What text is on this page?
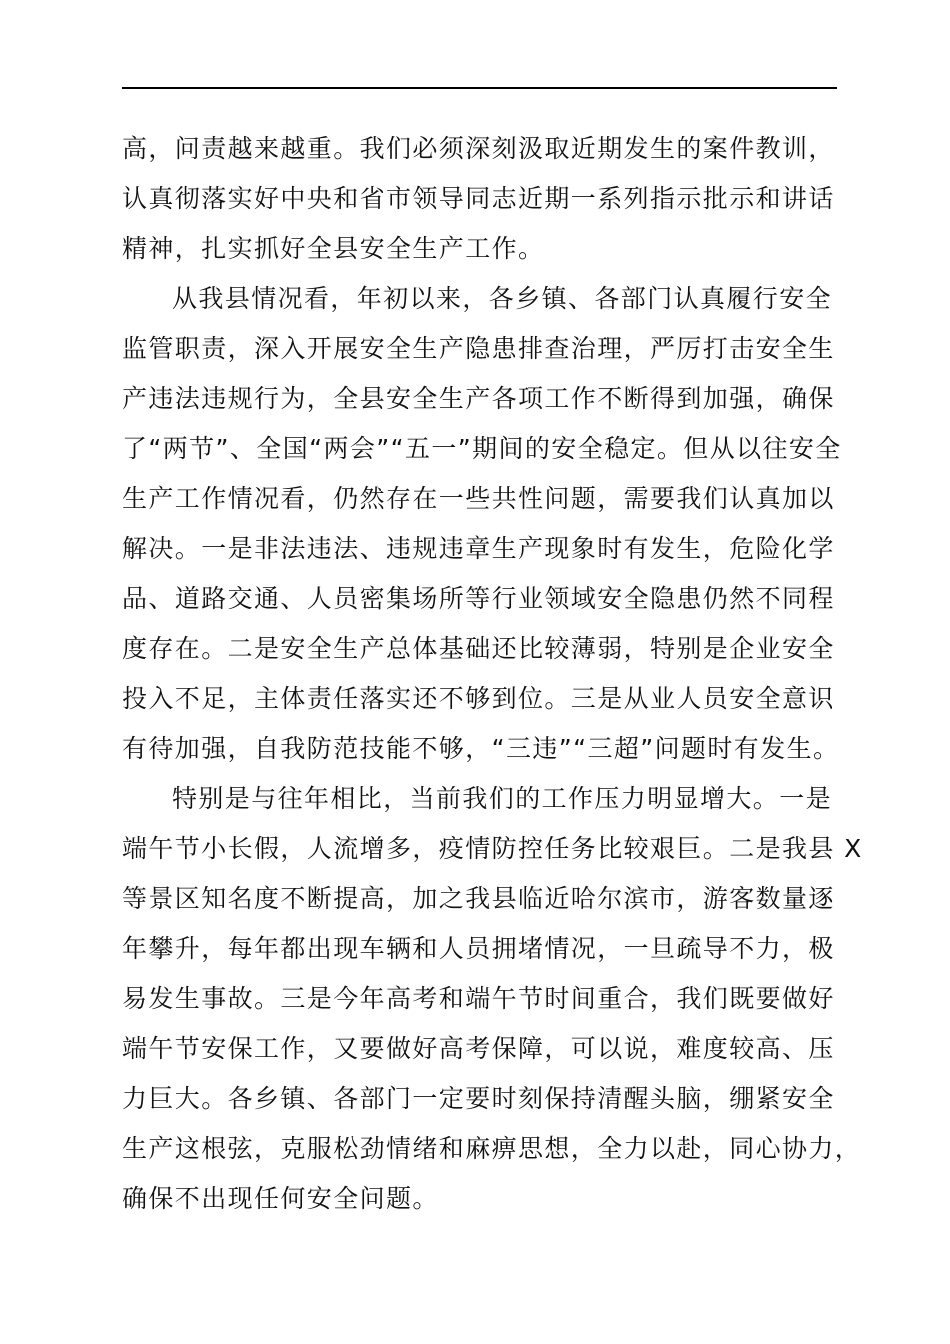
高，问责越来越重。我们必须深刻汲取近期发生的案件教训，
认真彻落实好中央和省市领导同志近期一系列指示批示和讲话
精神，扎实抓好全县安全生产工作。
从我县情况看，年初以来，各乡镇、各部门认真履行安全
监管职责，深入开展安全生产隐患排查治理，严厉打击安全生
产违法违规行为，全县安全生产各项工作不断得到加强，确保
了“两节”、全国“两会”“五一”期间的安全稳定。但从以往安全
生产工作情况看，仍然存在一些共性问题，需要我们认真加以
解决。一是非法违法、违规违章生产现象时有发生，危险化学
品、道路交通、人员密集场所等行业领域安全隐患仍然不同程
度存在。二是安全生产总体基础还比较薄弱，特别是企业安全
投入不足，主体责任落实还不够到位。三是从业人员安全意识
有待加强，自我防范技能不够，“三违”“三超”问题时有发生。
特别是与往年相比，当前我们的工作压力明显增大。一是
端午节小长假，人流增多，疫情防控任务比较艰巨。二是我县 X
等景区知名度不断提高，加之我县临近哈尔滨市，游客数量逐
年攀升，每年都出现车辆和人员拥堵情况，一旦疏导不力，极
易发生事故。三是今年高考和端午节时间重合，我们既要做好
端午节安保工作，又要做好高考保障，可以说，难度较高、压
力巨大。各乡镇、各部门一定要时刻保持清醒头脑，绷紧安全
生产这根弦，克服松劲情绪和麻痹思想，全力以赴，同心协力，
确保不出现任何安全问题。
